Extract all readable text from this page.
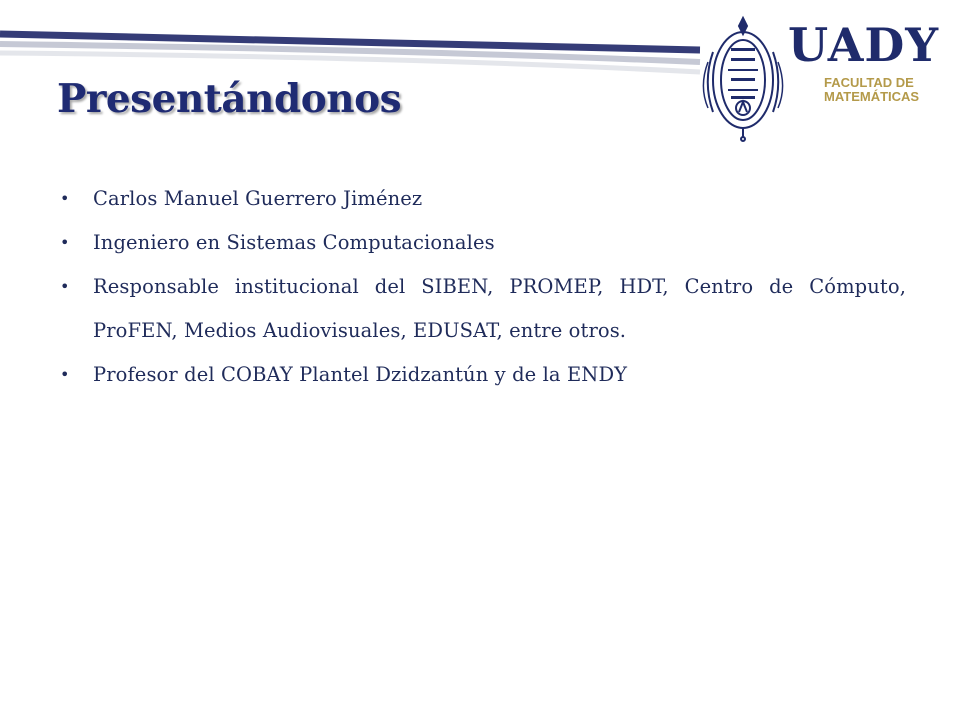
Presentándonos
UADY
FACULTAD DE
MATEMÁTICAS
• Carlos Manuel Guerrero Jiménez
• Ingeniero en Sistemas Computacionales
• Responsable institucional del SIBEN, PROMEP, HDT, Centro de Cómputo, ProFEN, Medios Audiovisuales, EDUSAT, entre otros.
• Profesor del COBAY Plantel Dzidzantún y de la ENDY
